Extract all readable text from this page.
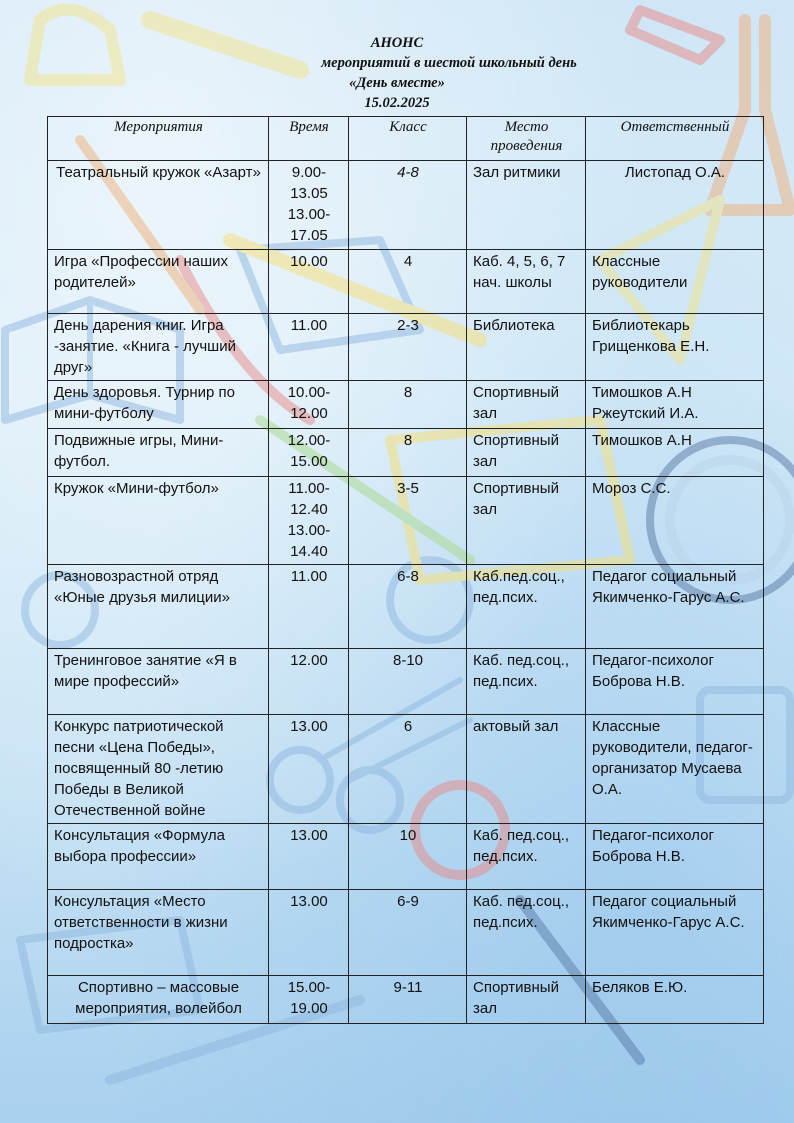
АНОНС
мероприятий в шестой школьный день
«День вместе»
15.02.2025
Мероприятия	Время	Класс	Место проведения	Ответственный
Театральный кружок «Азарт»	9.00-13.05 13.00-17.05	4-8	Зал ритмики	Листопад О.А.
Игра «Профессии наших родителей»	10.00	4	Каб. 4, 5, 6, 7 нач. школы	Классные руководители
День дарения книг. Игра -занятие. «Книга - лучший друг»	11.00	2-3	Библиотека	Библиотекарь Грищенкова Е.Н.
День здоровья. Турнир по мини-футболу	10.00-12.00	8	Спортивный зал	Тимошков А.Н Ржеутский И.А.
Подвижные игры, Мини-футбол.	12.00-15.00	8	Спортивный зал	Тимошков А.Н
Кружок «Мини-футбол»	11.00-12.40 13.00-14.40	3-5	Спортивный зал	Мороз С.С.
Разновозрастной отряд «Юные друзья милиции»	11.00	6-8	Каб.пед.соц., пед.псих.	Педагог социальный Якимченко-Гарус А.С.
Тренинговое занятие «Я в мире профессий»	12.00	8-10	Каб. пед.соц., пед.псих.	Педагог-психолог Боброва Н.В.
Конкурс патриотической песни «Цена Победы», посвященный 80 -летию Победы в Великой Отечественной войне	13.00	6	актовый зал	Классные руководители, педагог-организатор Мусаева О.А.
Консультация «Формула выбора профессии»	13.00	10	Каб. пед.соц., пед.псих.	Педагог-психолог Боброва Н.В.
Консультация «Место ответственности в жизни подростка»	13.00	6-9	Каб. пед.соц., пед.псих.	Педагог социальный Якимченко-Гарус А.С.
Спортивно – массовые мероприятия, волейбол	15.00-19.00	9-11	Спортивный зал	Беляков Е.Ю.
